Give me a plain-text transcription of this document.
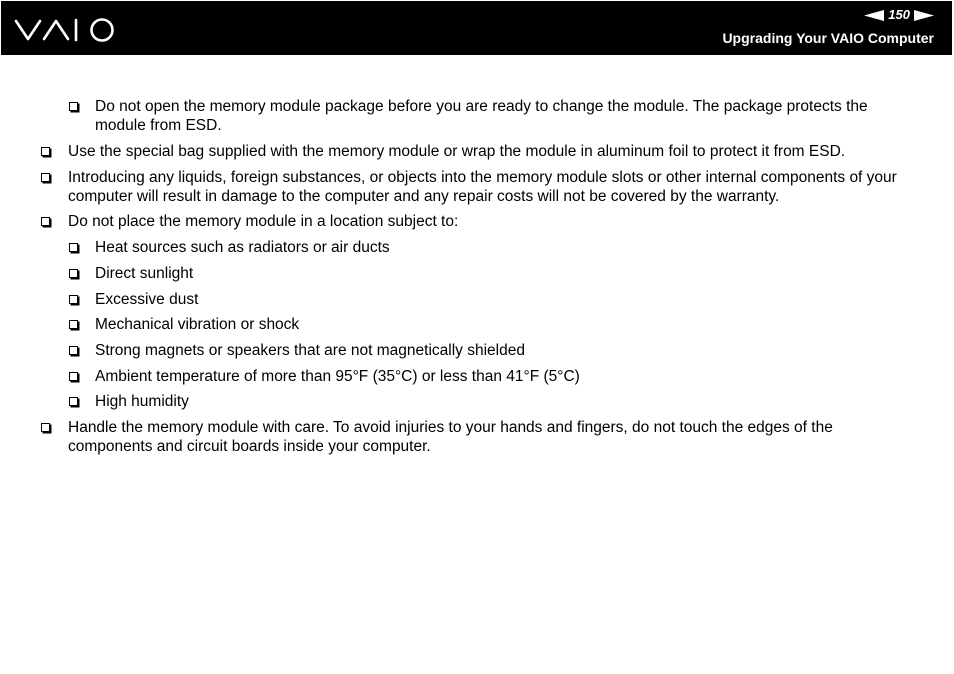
150
Upgrading Your VAIO Computer
Do not open the memory module package before you are ready to change the module. The package protects the
module from ESD.
Use the special bag supplied with the memory module or wrap the module in aluminum foil to protect it from ESD.
Introducing any liquids, foreign substances, or objects into the memory module slots or other internal components of your
computer will result in damage to the computer and any repair costs will not be covered by the warranty.
Do not place the memory module in a location subject to:
Heat sources such as radiators or air ducts
Direct sunlight
Excessive dust
Mechanical vibration or shock
Strong magnets or speakers that are not magnetically shielded
Ambient temperature of more than 95°F (35°C) or less than 41°F (5°C)
High humidity
Handle the memory module with care. To avoid injuries to your hands and fingers, do not touch the edges of the
components and circuit boards inside your computer.
